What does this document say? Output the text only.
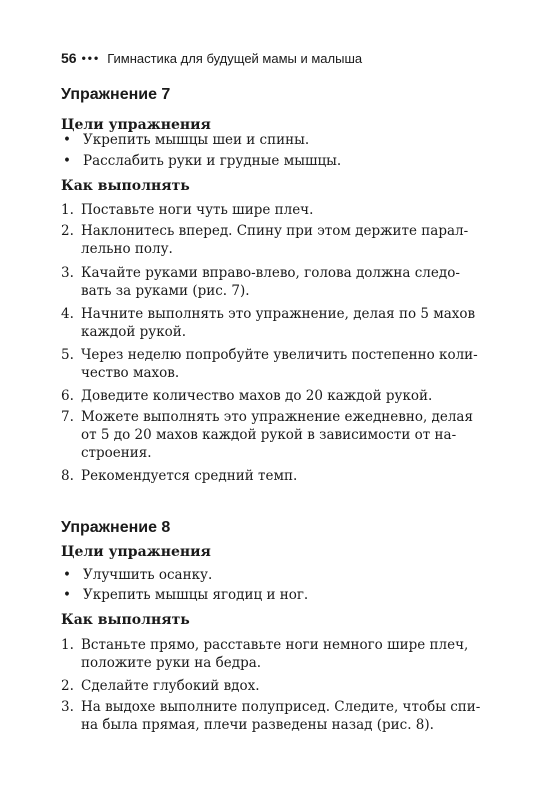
56 ••• Гимнастика для будущей мамы и малыша
Упражнение 7
Цели упражнения
• Укрепить мышцы шеи и спины.
• Расслабить руки и грудные мышцы.
Как выполнять
1. Поставьте ноги чуть шире плеч.
2. Наклонитесь вперед. Спину при этом держите парал-
лельно полу.
3. Качайте руками вправо-влево, голова должна следо-
вать за руками (рис. 7).
4. Начните выполнять это упражнение, делая по 5 махов
каждой рукой.
5. Через неделю попробуйте увеличить постепенно коли-
чество махов.
6. Доведите количество махов до 20 каждой рукой.
7. Можете выполнять это упражнение ежедневно, делая
от 5 до 20 махов каждой рукой в зависимости от на-
строения.
8. Рекомендуется средний темп.
Упражнение 8
Цели упражнения
• Улучшить осанку.
• Укрепить мышцы ягодиц и ног.
Как выполнять
1. Встаньте прямо, расставьте ноги немного шире плеч,
положите руки на бедра.
2. Сделайте глубокий вдох.
3. На выдохе выполните полуприсед. Следите, чтобы спи-
на была прямая, плечи разведены назад (рис. 8).
